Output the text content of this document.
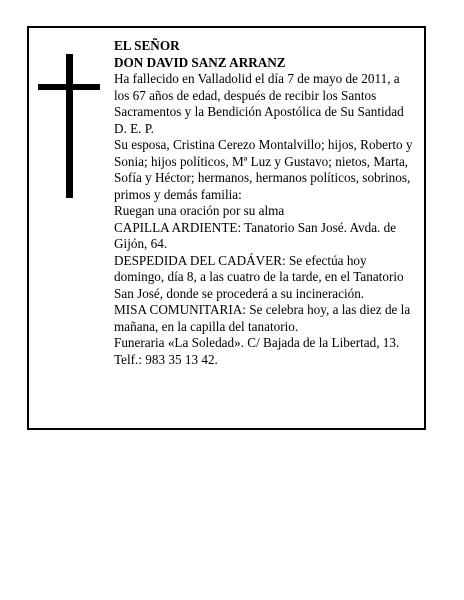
EL SEÑOR

DON DAVID SANZ ARRANZ

Ha fallecido en Valladolid el día 7 de mayo de 2011, a los 67 años de edad, después de recibir los Santos Sacramentos y la Bendición Apostólica de Su Santidad D. E. P.

Su esposa, Cristina Cerezo Montalvillo; hijos, Roberto y Sonia; hijos políticos, Mª Luz y Gustavo; nietos, Marta, Sofía y Héctor; hermanos, hermanos políticos, sobrinos, primos y demás familia:

Ruegan una oración por su alma

CAPILLA ARDIENTE: Tanatorio San José. Avda. de Gijón, 64.

DESPEDIDA DEL CADÁVER: Se efectúa hoy domingo, día 8, a las cuatro de la tarde, en el Tanatorio San José, donde se procederá a su incineración.

MISA COMUNITARIA: Se celebra hoy, a las diez de la mañana, en la capilla del tanatorio.

Funeraria «La Soledad». C/ Bajada de la Libertad, 13. Telf.: 983 35 13 42.
